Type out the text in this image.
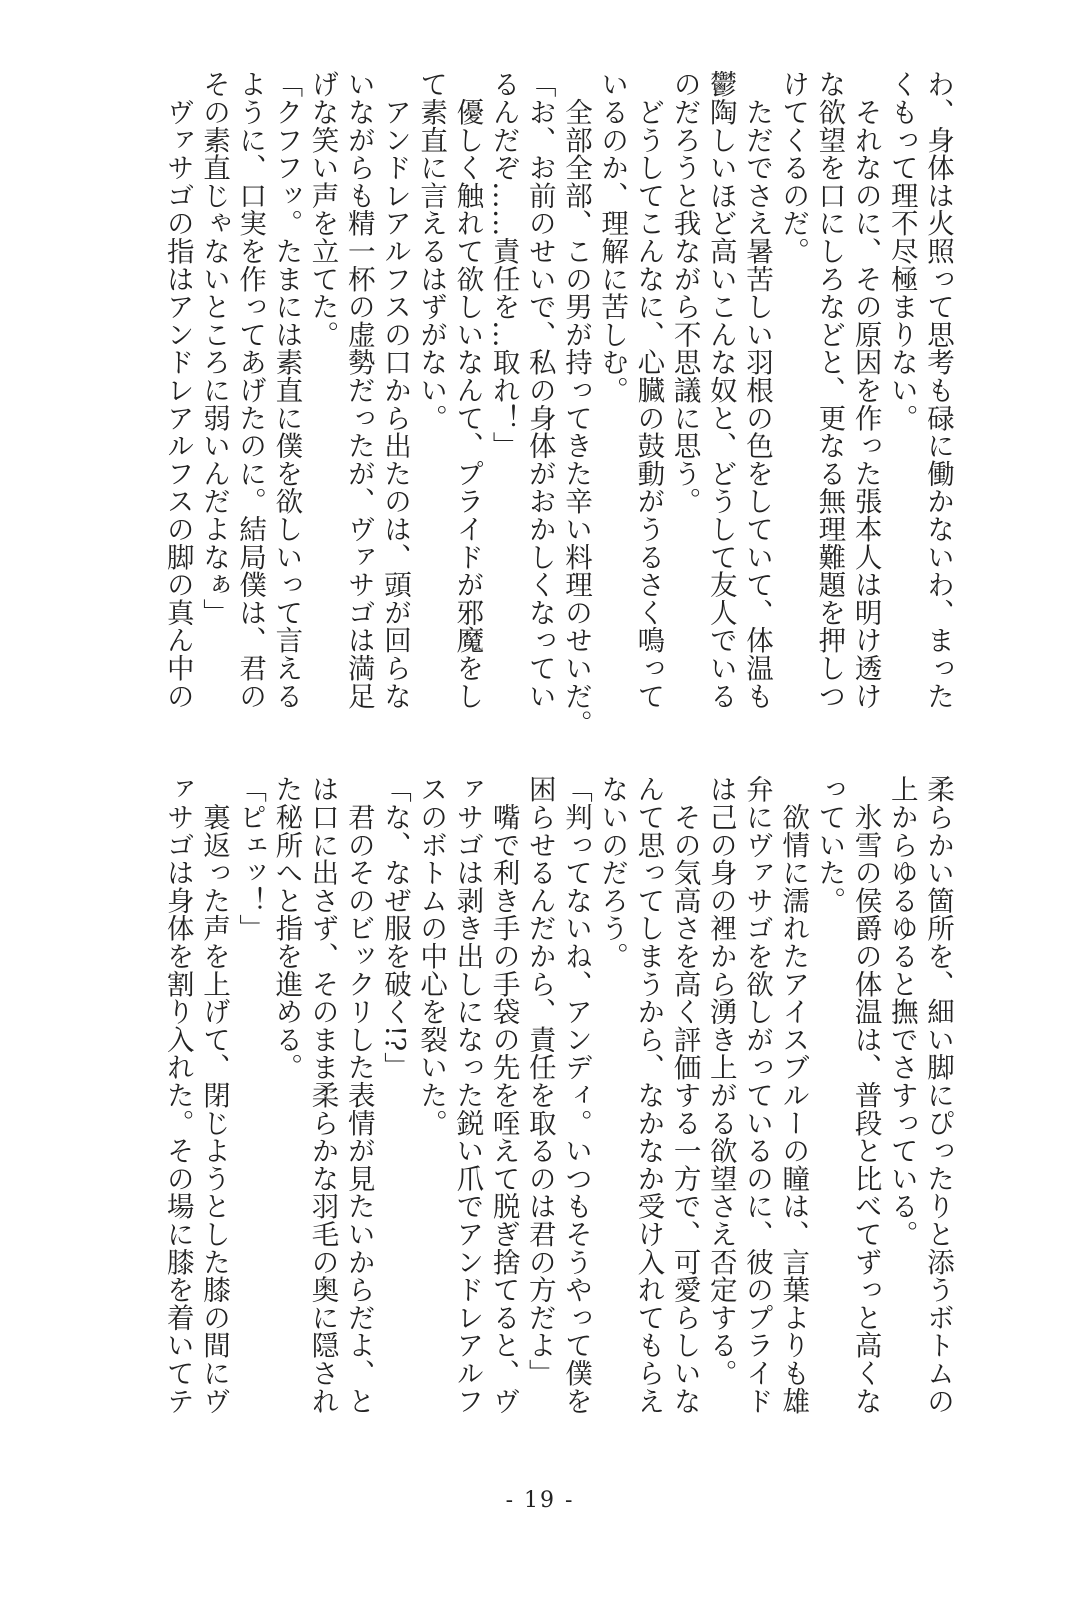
わ、身体は火照って思考も碌に働かないわ、まった
くもって理不尽極まりない。
　それなのに、その原因を作った張本人は明け透け
な欲望を口にしろなどと、更なる無理難題を押しつ
けてくるのだ。
　ただでさえ暑苦しい羽根の色をしていて、体温も
鬱陶しいほど高いこんな奴と、どうして友人でいる
のだろうと我ながら不思議に思う。
　どうしてこんなに、心臓の鼓動がうるさく鳴って
いるのか、理解に苦しむ。
　全部全部、この男が持ってきた辛い料理のせいだ。
「お、お前のせいで、私の身体がおかしくなってい
るんだぞ……責任を…取れ！」
　優しく触れて欲しいなんて、プライドが邪魔をし
て素直に言えるはずがない。
　アンドレアルフスの口から出たのは、頭が回らな
いながらも精一杯の虚勢だったが、ヴァサゴは満足
げな笑い声を立てた。
「クフフッ。たまには素直に僕を欲しいって言える
ように、口実を作ってあげたのに。結局僕は、君の
その素直じゃないところに弱いんだよなぁ」
　ヴァサゴの指はアンドレアルフスの脚の真ん中の
柔らかい箇所を、細い脚にぴったりと添うボトムの
上からゆるゆると撫でさすっている。
　氷雪の侯爵の体温は、普段と比べてずっと高くな
っていた。
　欲情に濡れたアイスブルーの瞳は、言葉よりも雄
弁にヴァサゴを欲しがっているのに、彼のプライド
は己の身の裡から湧き上がる欲望さえ否定する。
　その気高さを高く評価する一方で、可愛らしいな
んて思ってしまうから、なかなか受け入れてもらえ
ないのだろう。
「判ってないね、アンディ。いつもそうやって僕を
困らせるんだから、責任を取るのは君の方だよ」
　嘴で利き手の手袋の先を咥えて脱ぎ捨てると、ヴ
ァサゴは剥き出しになった鋭い爪でアンドレアルフ
スのボトムの中心を裂いた。
「な、なぜ服を破く!?」
　君のそのビックリした表情が見たいからだよ、と
は口に出さず、そのまま柔らかな羽毛の奥に隠され
た秘所へと指を進める。
「ピェッ！」
　裏返った声を上げて、閉じようとした膝の間にヴ
ァサゴは身体を割り入れた。その場に膝を着いてテ
- 19 -
